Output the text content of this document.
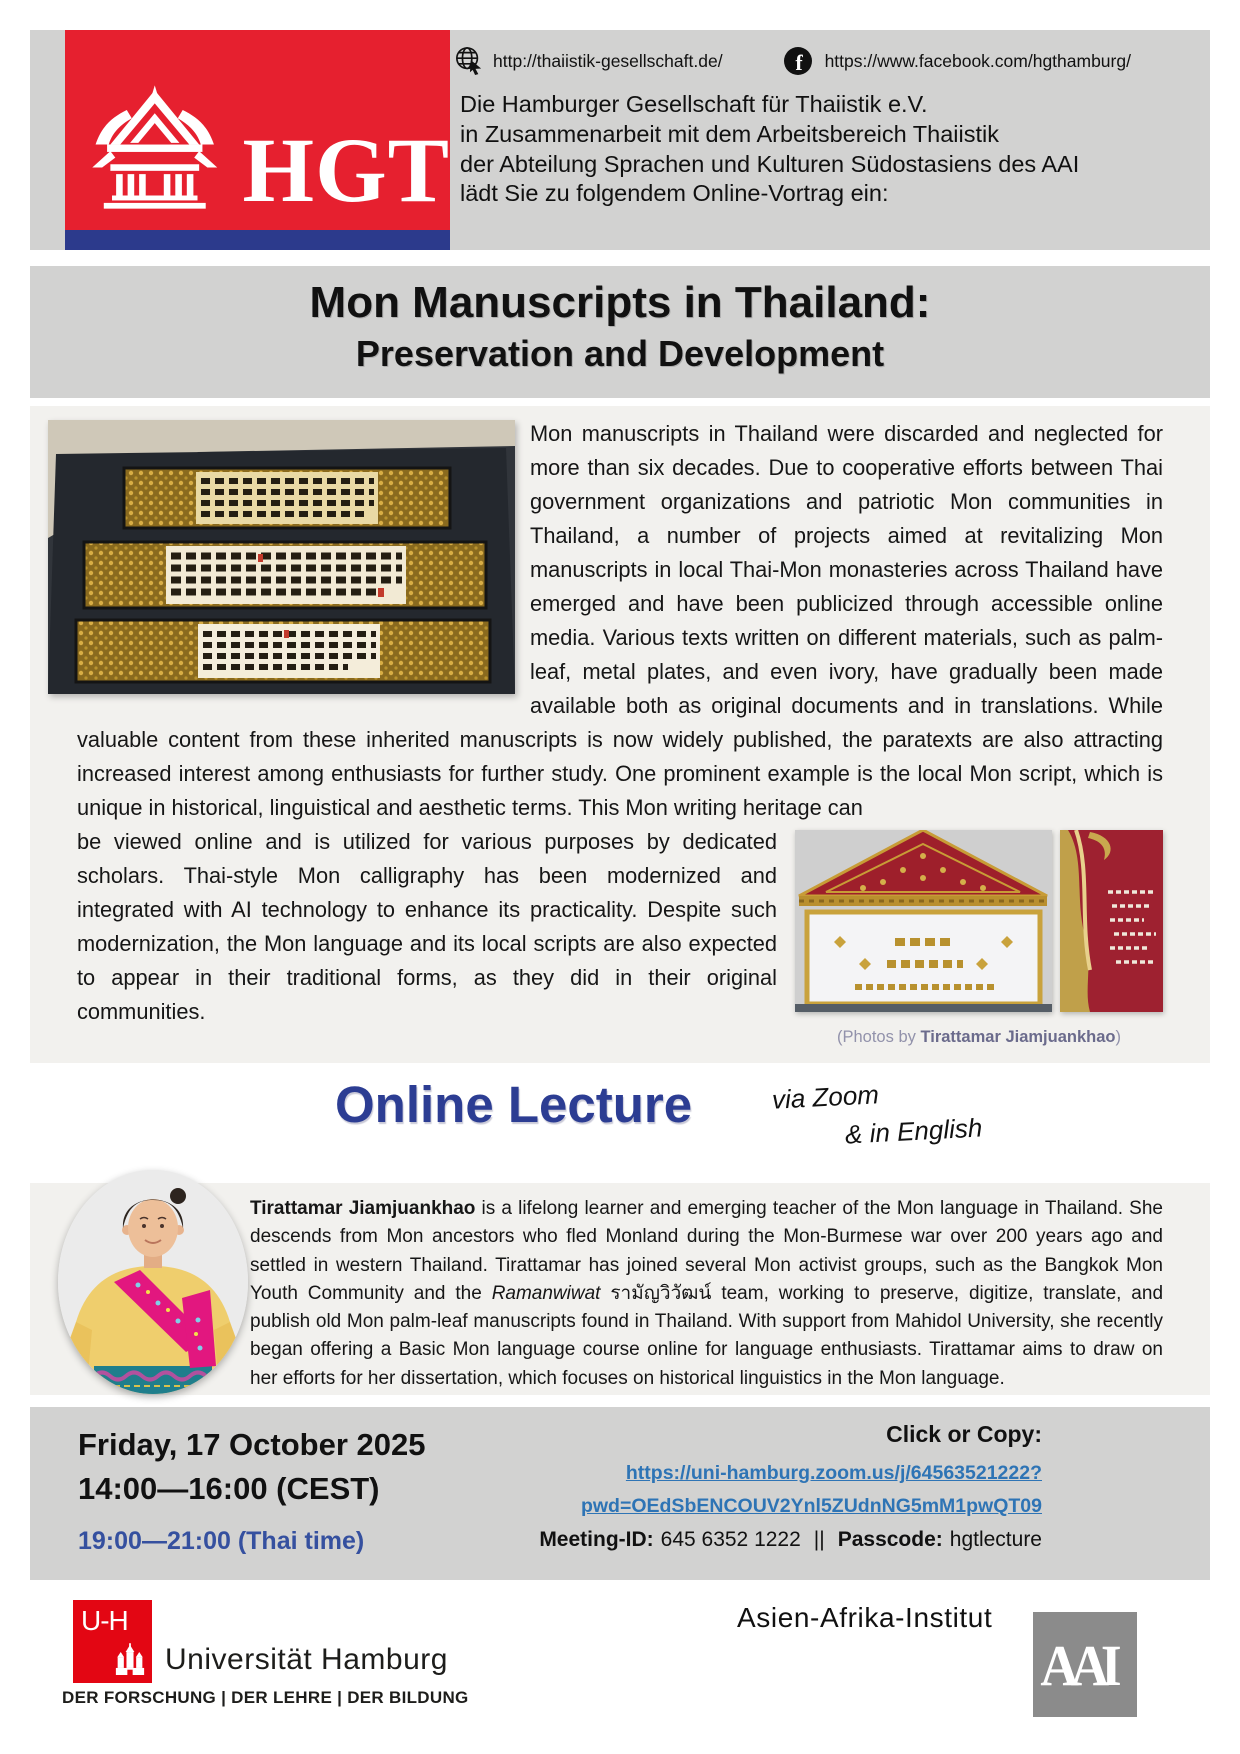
HGT
http://thaiistik-gesellschaft.de/	f https://www.facebook.com/hgthamburg/
Die Hamburger Gesellschaft für Thaiistik e.V.
in Zusammenarbeit mit dem Arbeitsbereich Thaiistik
der Abteilung Sprachen und Kulturen Südostasiens des AAI
lädt Sie zu folgendem Online-Vortrag ein:
Mon Manuscripts in Thailand:
Preservation and Development

Mon manuscripts in Thailand were discarded and neglected for more than six decades. Due to cooperative efforts between Thai government organizations and patriotic Mon communities in Thailand, a number of projects aimed at revitalizing Mon manuscripts in local Thai-Mon monasteries across Thailand have emerged and have been publicized through accessible online media. Various texts written on different materials, such as palm-leaf, metal plates, and even ivory, have gradually been made available both as original documents and in translations. While valuable content from these inherited manuscripts is now widely published, the paratexts are also attracting increased interest among enthusiasts for further study. One prominent example is the local Mon script, which is unique in historical, linguistical and aesthetic terms. This Mon writing heritage can

be viewed online and is utilized for various purposes by dedicated scholars. Thai-style Mon calligraphy has been modernized and integrated with AI technology to enhance its practicality. Despite such modernization, the Mon language and its local scripts are also expected to appear in their traditional forms, as they did in their original communities.

(Photos by Tirattamar Jiamjuankhao)
Online Lecture	via Zoom
& in English

Tirattamar Jiamjuankhao is a lifelong learner and emerging teacher of the Mon language in Thailand. She descends from Mon ancestors who fled Monland during the Mon-Burmese war over 200 years ago and settled in western Thailand. Tirattamar has joined several Mon activist groups, such as the Bangkok Mon Youth Community and the Ramanwiwat รามัญวิวัฒน์ team, working to preserve, digitize, translate, and publish old Mon palm-leaf manuscripts found in Thailand. With support from Mahidol University, she recently began offering a Basic Mon language course online for language enthusiasts. Tirattamar aims to draw on her efforts for her dissertation, which focuses on historical linguistics in the Mon language.

Friday, 17 October 2025
14:00—16:00 (CEST)
19:00—21:00 (Thai time)
Click or Copy:
https://uni-hamburg.zoom.us/j/64563521222?
pwd=OEdSbENCOUV2Ynl5ZUdnNG5mM1pwQT09
Meeting-ID: 645 6352 1222 || Passcode: hgtlecture
U-H
Universität Hamburg
DER FORSCHUNG | DER LEHRE | DER BILDUNG
Asien-Afrika-Institut
AAI
